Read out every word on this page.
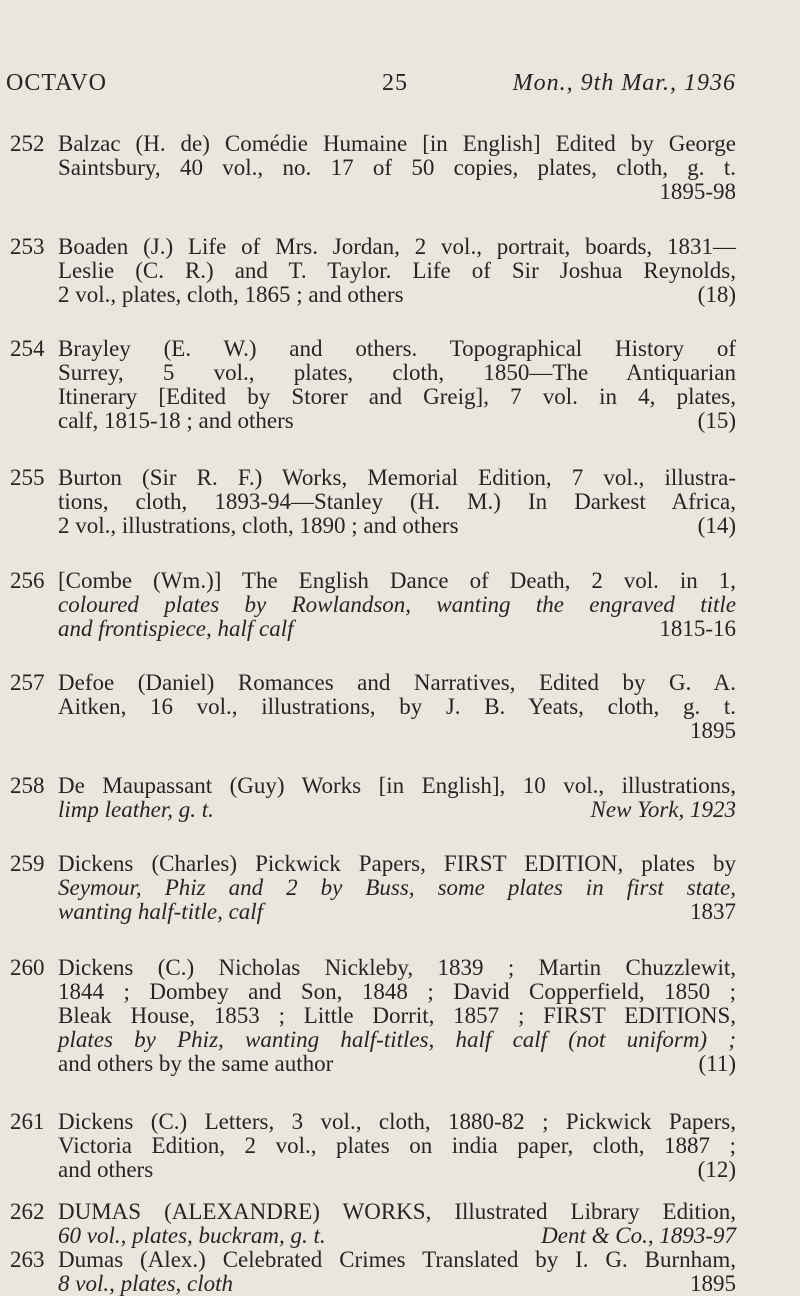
OCTAVO	25	Mon., 9th Mar., 1936
252 Balzac (H. de) Comédie Humaine [in English] Edited by George
Saintsbury, 40 vol., no. 17 of 50 copies, plates, cloth, g. t.
1895-98
253 Boaden (J.) Life of Mrs. Jordan, 2 vol., portrait, boards, 1831—
Leslie (C. R.) and T. Taylor. Life of Sir Joshua Reynolds,
2 vol., plates, cloth, 1865 ; and others	(18)
254 Brayley (E. W.) and others. Topographical History of
Surrey, 5 vol., plates, cloth, 1850—The Antiquarian
Itinerary [Edited by Storer and Greig], 7 vol. in 4, plates,
calf, 1815-18 ; and others	(15)
255 Burton (Sir R. F.) Works, Memorial Edition, 7 vol., illustra-
tions, cloth, 1893-94—Stanley (H. M.) In Darkest Africa,
2 vol., illustrations, cloth, 1890 ; and others	(14)
256 [Combe (Wm.)] The English Dance of Death, 2 vol. in 1,
coloured plates by Rowlandson, wanting the engraved title
and frontispiece, half calf	1815-16
257 Defoe (Daniel) Romances and Narratives, Edited by G. A.
Aitken, 16 vol., illustrations, by J. B. Yeats, cloth, g. t.
1895
258 De Maupassant (Guy) Works [in English], 10 vol., illustrations,
limp leather, g. t.	New York, 1923
259 Dickens (Charles) Pickwick Papers, FIRST EDITION, plates by
Seymour, Phiz and 2 by Buss, some plates in first state,
wanting half-title, calf	1837
260 Dickens (C.) Nicholas Nickleby, 1839 ; Martin Chuzzlewit,
1844 ; Dombey and Son, 1848 ; David Copperfield, 1850 ;
Bleak House, 1853 ; Little Dorrit, 1857 ; FIRST EDITIONS,
plates by Phiz, wanting half-titles, half calf (not uniform) ;
and others by the same author	(11)
261 Dickens (C.) Letters, 3 vol., cloth, 1880-82 ; Pickwick Papers,
Victoria Edition, 2 vol., plates on india paper, cloth, 1887 ;
and others	(12)
262 DUMAS (ALEXANDRE) WORKS, Illustrated Library Edition,
60 vol., plates, buckram, g. t.	Dent & Co., 1893-97
263 Dumas (Alex.) Celebrated Crimes Translated by I. G. Burnham,
8 vol., plates, cloth	1895
